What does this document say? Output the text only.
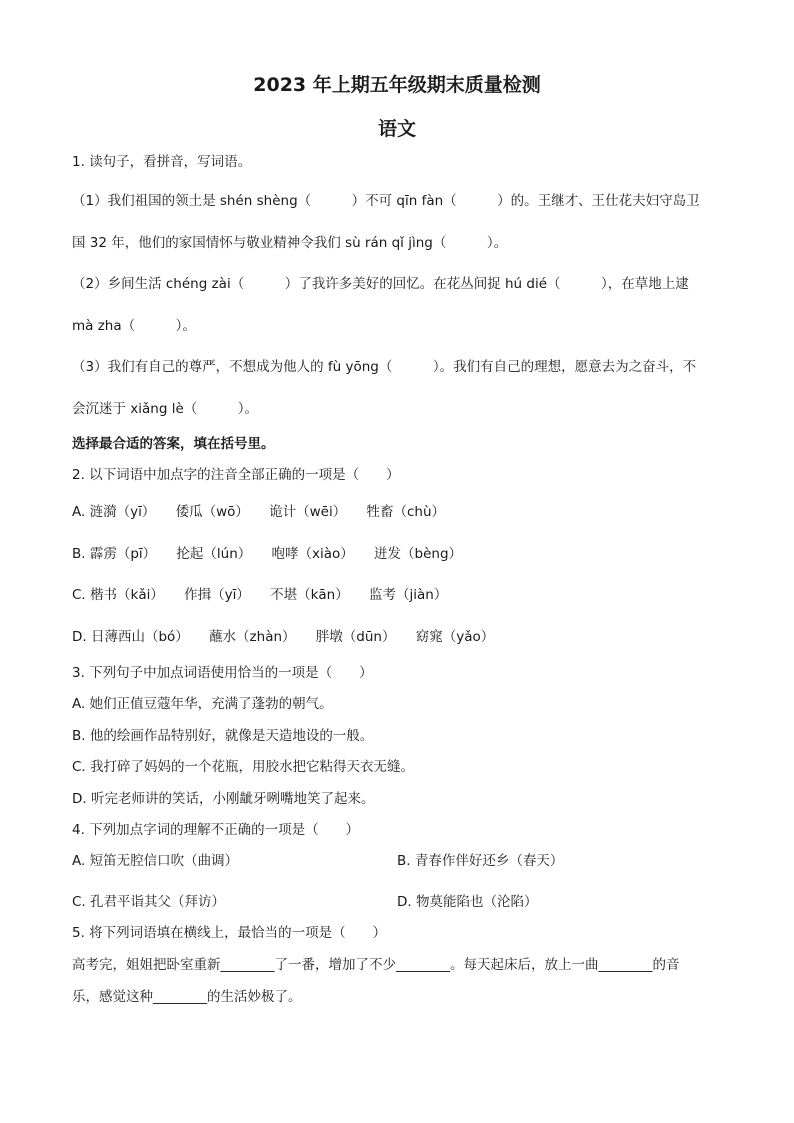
2023 年上期五年级期末质量检测
语文
1. 读句子，看拼音，写词语。
（1）我们祖国的领土是 shén shèng（　　　）不可 qīn fàn（　　　）的。王继才、王仕花夫妇守岛卫
国 32 年，他们的家国情怀与敬业精神令我们 sù rán qǐ jìng（　　　）。
（2）乡间生活 chéng zài（　　　）了我许多美好的回忆。在花丛间捉 hú dié（　　　），在草地上逮
mà zha（　　　）。
（3）我们有自己的尊严，不想成为他人的 fù yōng（　　　）。我们有自己的理想，愿意去为之奋斗，不
会沉迷于 xiǎng lè（　　　）。
选择最合适的答案，填在括号里。
2. 以下词语中加点字的注音全部正确的一项是（　　）
A. 涟漪（yī）　　倭瓜（wō）　　诡计（wēi）　　牲畜（chù）
B. 霹雳（pī）　　抡起（lún）　　咆哮（xiào）　　迸发（bèng）
C. 楷书（kǎi）　　作揖（yī）　　不堪（kān）　　监考（jiàn）
D. 日薄西山（bó）　　蘸水（zhàn）　　胖墩（dūn）　　窈窕（yǎo）
3. 下列句子中加点词语使用恰当的一项是（　　）
A. 她们正值豆蔻年华，充满了蓬勃的朝气。
B. 他的绘画作品特别好，就像是天造地设的一般。
C. 我打碎了妈妈的一个花瓶，用胶水把它粘得天衣无缝。
D. 听完老师讲的笑话，小刚龇牙咧嘴地笑了起来。
4. 下列加点字词的理解不正确的一项是（　　）
A. 短笛无腔信口吹（曲调）	B. 青春作伴好还乡（春天）
C. 孔君平诣其父（拜访）	D. 物莫能陷也（沦陷）
5. 将下列词语填在横线上，最恰当的一项是（　　）
高考完，姐姐把卧室重新________了一番，增加了不少________。每天起床后，放上一曲________的音
乐，感觉这种________的生活妙极了。
